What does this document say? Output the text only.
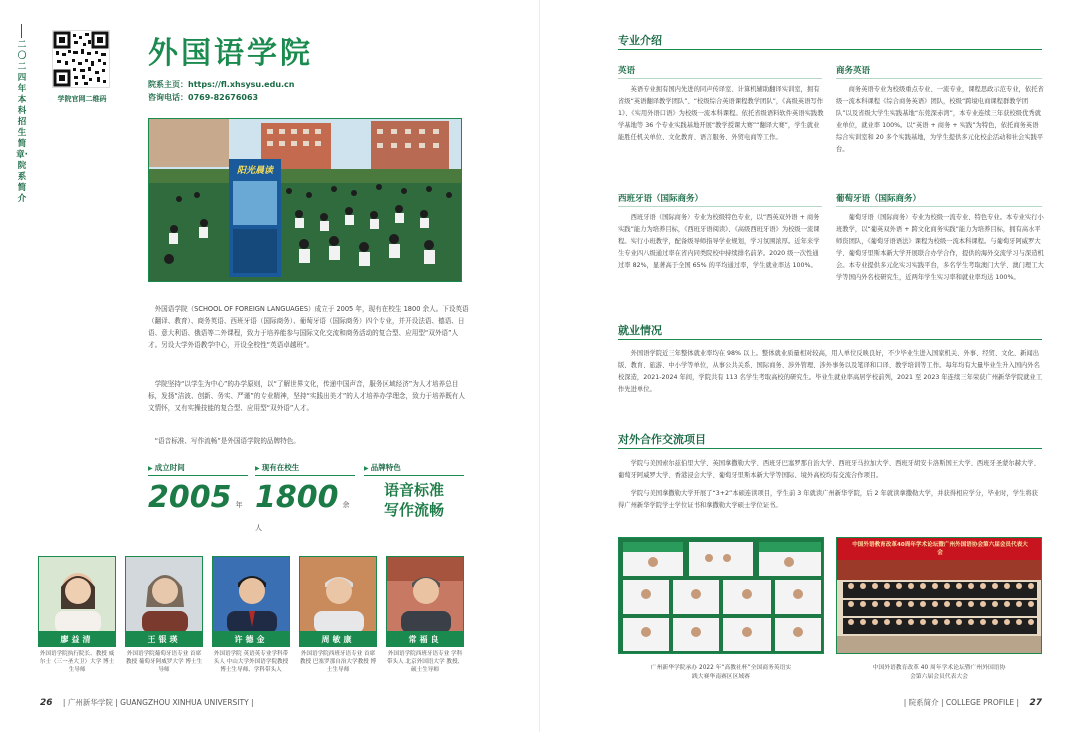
二〇二四年本科招生简章·院系简介
学院官网二维码
外国语学院
院系主页：https://fl.xhsysu.edu.cn
咨询电话：0769-82676063
阳光晨读
外国语学院（SCHOOL OF FOREIGN LANGUAGES）成立于 2005 年，现有在校生 1800 余人。下设英语（翻译、教育）、商务英语、西班牙语（国际商务）、葡萄牙语（国际商务）四个专业，并开设法语、德语、日语、意大利语、俄语等二外课程，致力于培养能参与国际文化交流和商务活动的复合型、应用型“双外语”人才。另设大学外语教学中心，开设全校性“英语卓越班”。
学院坚持“以学生为中心”的办学原则，以“了解世界文化，传递中国声音，服务区域经济”为人才培养总目标，发扬“洁波、创新、务实、严谨”的专业精神，坚持“实践出美才”的人才培养办学理念，致力于培养既有人文情怀，又有实操技能的复合型、应用型“双外语”人才。
“语音标准、写作流畅”是外国语学院的品牌特色。
▶ 成立时间
2005 年
▶ 现有在校生
1800 余人
▶ 品牌特色
语音标准
写作流畅
廖益清
外国语学院执行院长、教授 威尔士（三一圣大卫）大学 博士生导师
王银瑛
外国语学院葡萄牙语专业 首席教授 葡萄牙阿威罗大学 博士生导师
许德金
外国语学院 英语英专业学科带头人 中山大学外国语学院教授 博士生导师、学科带头人
周敏康
外国语学院西班牙语专业 首席教授 巴塞罗那自治大学教授 博士生导师
常福良
外国语学院西班牙语专业 学科带头人 北京外国语大学 教授、硕士生导师
26 | 广州新华学院 | GUANGZHOU XINHUA UNIVERSITY |
专业介绍
英语
英语专业拥有国内先进的同声传译室、计算机辅助翻译实训室，拥有省级“英语翻译教学团队”、“校级综合英语课程教学团队”，《高级英语写作 1》、《实用外语口语》为校级一流本科课程。依托省级语料软件英语实践教学基地等 36 个专业实践基地开展“教学授课大赛”“翻译大赛”，学生就业能胜任机关单位、文化教育、语言服务、外贸电商等工作。
商务英语
商务英语专业为校级重点专业、一流专业，课程思政示范专业，依托省级一流本科课程《综合商务英语》团队，校级“跨境电商课程群教学团队”以及省级大学生实践基地“东莞深赤湾”，本专业连续三年获校级优秀就业单位，就业率 100%。以“英语 + 商务 + 实践”为特色，依托商务英语综合实训室和 20 多个实践基地，为学生提供多元化校企活动和社会实践平台。
西班牙语（国际商务）
西班牙语（国际商务）专业为校级特色专业，以“西英双外语 + 商务实践”能力为培养目标，《西班牙语阅读》、《高级西班牙语》为校级一流课程。实行小班教学，配备级导师指导学业规划，学习氛围浓厚。近年来学生专业四八级通过率在省内同类院校中持续排名前茅。2020 级一次性通过率 82%，显著高于全国 65% 的平均通过率，学生就业率达 100%。
葡萄牙语（国际商务）
葡萄牙语（国际商务）专业为校级一流专业、特色专业。本专业实行小班教学，以“葡英双外语 + 跨文化商务实践”能力为培养目标，拥有高水平师资团队，《葡萄牙语语法》课程为校级一流本科课程。与葡萄牙阿威罗大学、葡萄牙里斯本新大学开展联合办学合作，提供的海外交流学习与深造机会。本专业提供多元化实习实践平台，多名学生考取澳门大学、澳门理工大学等国内外名校研究生，近两年学生实习率和就业率均达 100%。
就业情况
外国语学院近三年整体就业率均在 98% 以上。整体就业质量相对较高，用人单位反映良好，不少毕业生进入国家机关、外事、经贸、文化、新闻出版、教育、旅游、中小学等单位，从事公共关系、国际商务、涉外管理、涉外事务以及笔译和口译、教学培训等工作。每年均有大量毕业生升入国内外名校深造，2021-2024 年间，学院共有 113 名学生考取高校的研究生。毕业生就业率高居学校前列，2021 至 2023 年连续三年荣获广州新华学院就业工作先进单位。
对外合作交流项目
学院与美国索尔兹伯里大学、英国拿撒勒大学、西班牙巴塞罗那自治大学、西班牙马拉加大学、西班牙胡安卡洛斯国王大学、西班牙圣蒙尔赫大学、葡萄牙阿威罗大学、香港浸会大学、葡萄牙里斯本新大学等国际、境外高校均有交流合作项目。
学院与美国拿撒勒大学开展了“3+2”本硕连读项目，学生前 3 年就读广州新华学院，后 2 年就读拿撒勒大学，并获得相应学分，毕业时，学生将获得广州新华学院学士学位证书和拿撒勒大学硕士学位证书。
广州新华学院承办 2022 年“高教社杯”全国商务英语实践大赛华南赛区区域赛
中国外语教育改革40周年学术论坛暨广州外国语协会第六届会员代表大会
中国外语教育改革 40 周年学术论坛暨广州外国语协会第六届会员代表大会
| 院系简介 | COLLEGE PROFILE | 27
